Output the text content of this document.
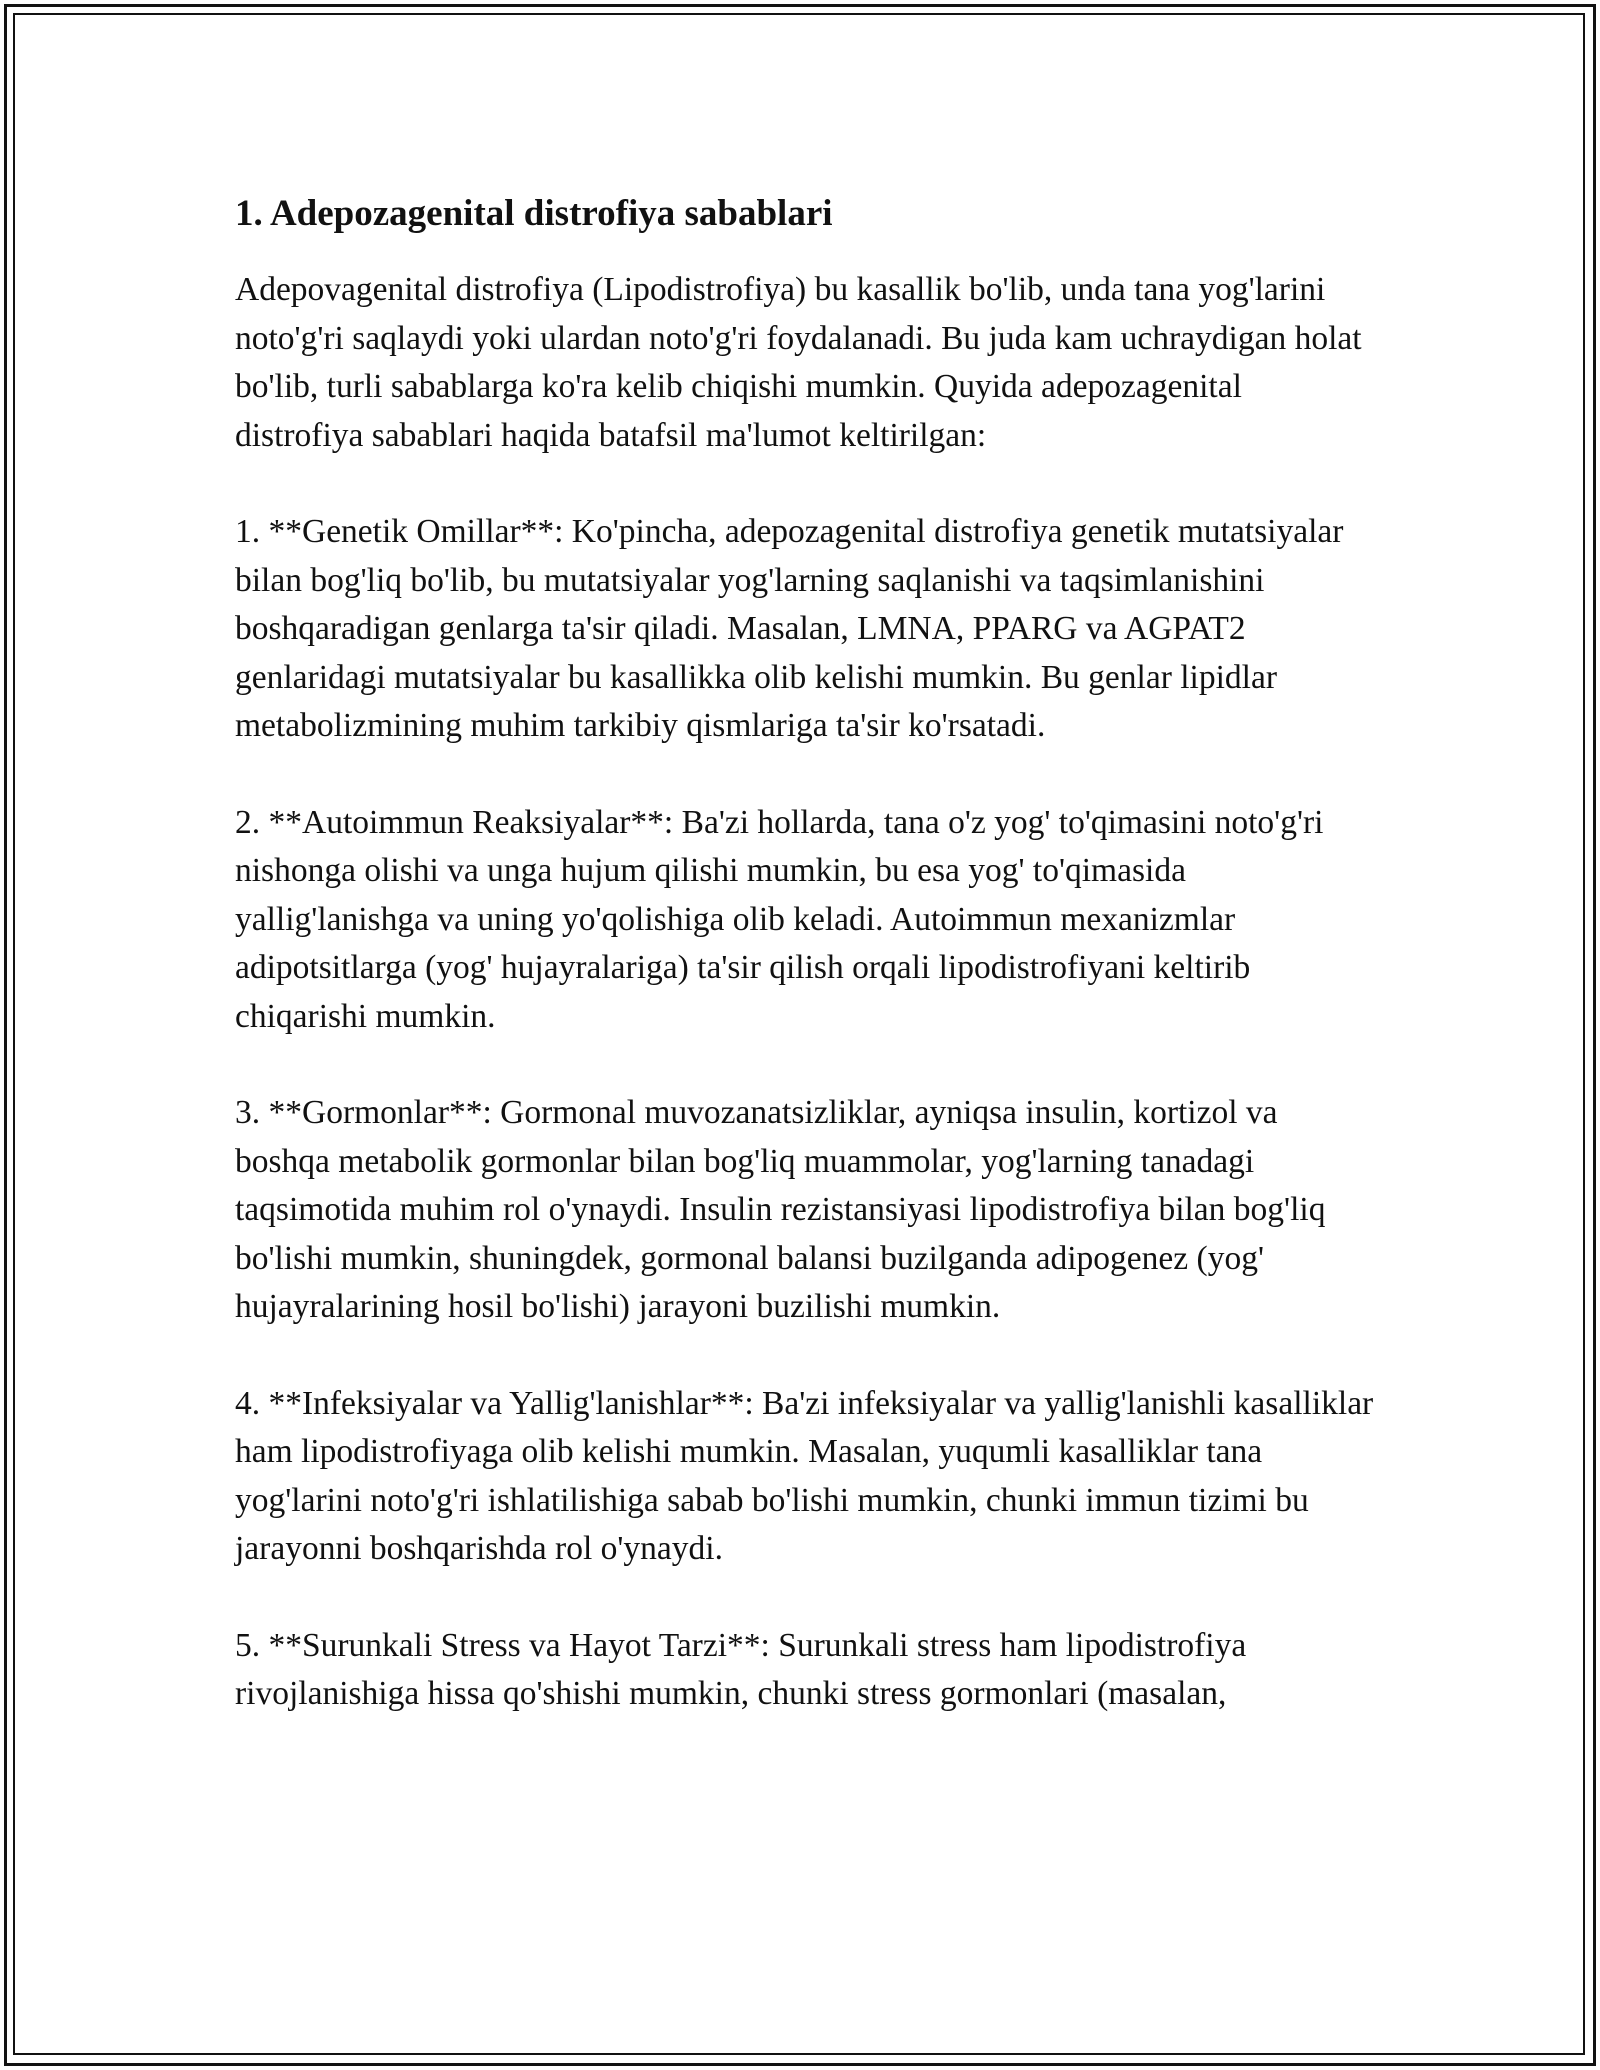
1. Adepozagenital distrofiya sabablari

Adepovagenital distrofiya (Lipodistrofiya) bu kasallik bo'lib, unda tana yog'larini noto'g'ri saqlaydi yoki ulardan noto'g'ri foydalanadi. Bu juda kam uchraydigan holat bo'lib, turli sabablarga ko'ra kelib chiqishi mumkin. Quyida adepozagenital distrofiya sabablari haqida batafsil ma'lumot keltirilgan:

1. **Genetik Omillar**: Ko'pincha, adepozagenital distrofiya genetik mutatsiyalar bilan bog'liq bo'lib, bu mutatsiyalar yog'larning saqlanishi va taqsimlanishini boshqaradigan genlarga ta'sir qiladi. Masalan, LMNA, PPARG va AGPAT2 genlaridagi mutatsiyalar bu kasallikka olib kelishi mumkin. Bu genlar lipidlar metabolizmining muhim tarkibiy qismlariga ta'sir ko'rsatadi.

2. **Autoimmun Reaksiyalar**: Ba'zi hollarda, tana o'z yog' to'qimasini noto'g'ri nishonga olishi va unga hujum qilishi mumkin, bu esa yog' to'qimasida yallig'lanishga va uning yo'qolishiga olib keladi. Autoimmun mexanizmlar adipotsitlarga (yog' hujayralariga) ta'sir qilish orqali lipodistrofiyani keltirib chiqarishi mumkin.

3. **Gormonlar**: Gormonal muvozanatsizliklar, ayniqsa insulin, kortizol va boshqa metabolik gormonlar bilan bog'liq muammolar, yog'larning tanadagi taqsimotida muhim rol o'ynaydi. Insulin rezistansiyasi lipodistrofiya bilan bog'liq bo'lishi mumkin, shuningdek, gormonal balansi buzilganda adipogenez (yog' hujayralarining hosil bo'lishi) jarayoni buzilishi mumkin.

4. **Infeksiyalar va Yallig'lanishlar**: Ba'zi infeksiyalar va yallig'lanishli kasalliklar ham lipodistrofiyaga olib kelishi mumkin. Masalan, yuqumli kasalliklar tana yog'larini noto'g'ri ishlatilishiga sabab bo'lishi mumkin, chunki immun tizimi bu jarayonni boshqarishda rol o'ynaydi.

5. **Surunkali Stress va Hayot Tarzi**: Surunkali stress ham lipodistrofiya rivojlanishiga hissa qo'shishi mumkin, chunki stress gormonlari (masalan,
